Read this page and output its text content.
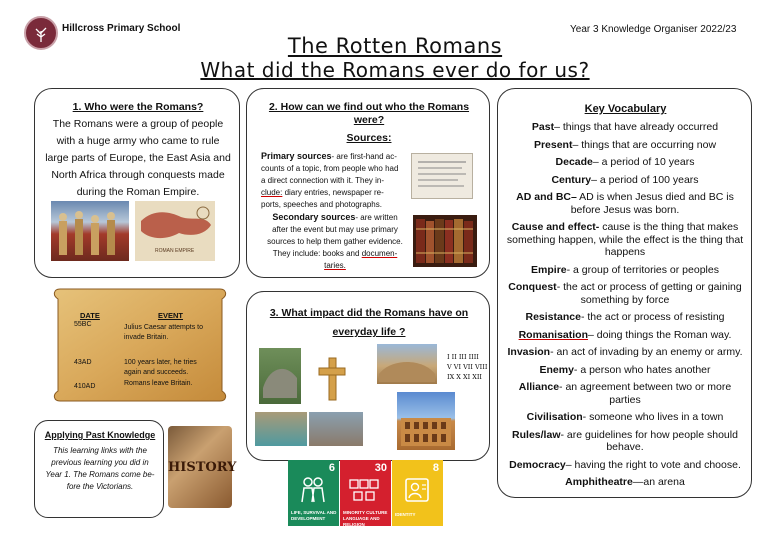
Hillcross Primary School	Year 3 Knowledge Organiser 2022/23
The Rotten Romans
What did the Romans ever do for us?
1. Who were the Romans?
The Romans were a group of people
with a huge army who came to rule
large parts of Europe, the East Asia and
North Africa through conquests made
during the Roman Empire.
ROMAN EMPIRE
2. How can we find out who the Romans
were?
Sources:
Primary sources- are first-hand ac-
counts of a topic, from people who had
a direct connection with it. They in-
clude: diary entries, newspaper re-
ports, speeches and photographs.
Secondary sources- are written
after the event but may use primary
sources to help them gather evidence.
They include: books and documen-
taries.
DATE	EVENT
55BC	Julius Caesar attempts to
invade Britain.
43AD	100 years later, he tries
again and succeeds.
410AD	Romans leave Britain.
3. What impact did the Romans have on
everyday life ?
I II III IIII
V VI VII VIII
IX X XI XII
Applying Past Knowledge
This learning links with the
previous learning you did in
Year 1. The Romans come be-
fore the Victorians.
HISTORY	6
LIFE, SURVIVAL AND
DEVELOPMENT
30
MINORITY CULTURE
LANGUAGE AND RELIGION
8
IDENTITY
Key Vocabulary
Past– things that have already occurred
Present– things that are occurring now
Decade– a period of 10 years
Century– a period of 100 years
AD and BC– AD is when Jesus died and BC is before Jesus was born.
Cause and effect- cause is the thing that makes something happen, while the effect is the thing that happens
Empire- a group of territories or peoples
Conquest- the act or process of getting or gaining something by force
Resistance- the act or process of resisting
Romanisation– doing things the Roman way.
Invasion- an act of invading by an enemy or army.
Enemy- a person who hates another
Alliance- an agreement between two or more parties
Civilisation- someone who lives in a town
Rules/law- are guidelines for how people should behave.
Democracy– having the right to vote and choose.
Amphitheatre—an arena
